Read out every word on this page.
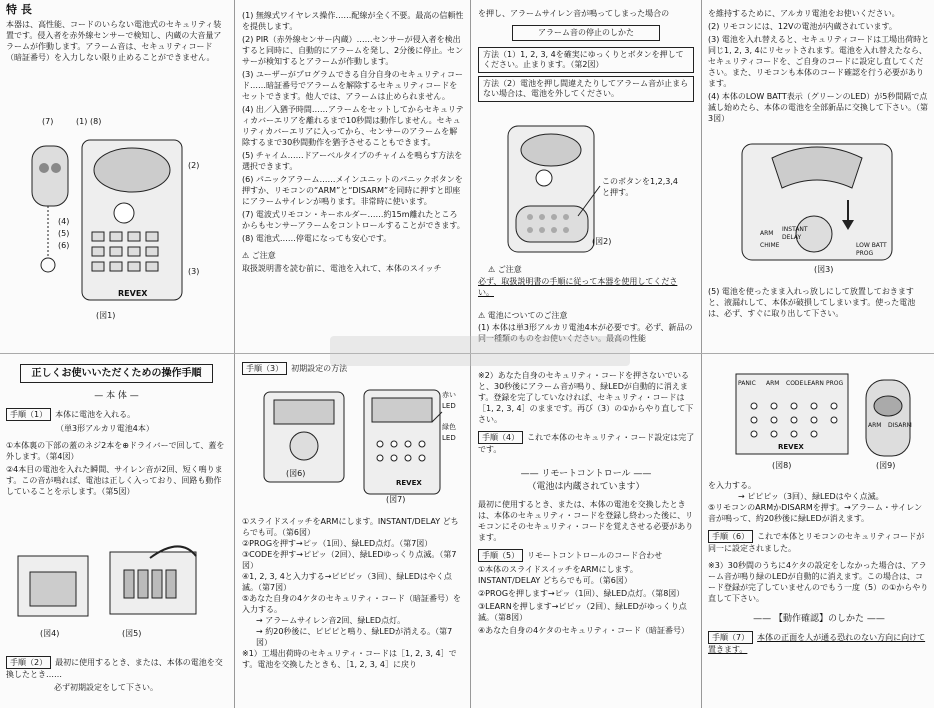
特 長
本器は、高性能、コードのいらない電池式のセキュリティ装置です。侵入者を赤外線センサーで検知し、内蔵の大音量アラームが作動します。アラーム音は、セキュリティコード（暗証番号）を入力しない限り止めることができません。
(7)	(1) (8)
(2)
(4)
(5)
(6)
(3)
REVEX
(図1)
(1) 無線式ワイヤレス操作……配線が全く不要。最高の信頼性を提供します。
(2) PIR（赤外線センサー内蔵）……センサーが侵入者を検出すると同時に、自動的にアラームを発し、2分後に停止。センサーが検知するとアラームが作動します。
(3) ユーザーがプログラムできる自分自身のセキュリティコード……暗証番号でアラームを解除するセキュリティコードをセットできます。他人では、アラームは止められません。
(4) 出／入猶予時間……アラームをセットしてからセキュリティカバーエリアを離れるまで10秒間は動作しません。セキュリティカバーエリアに入ってから、センサーのアラームを解除するまで30秒間動作を猶予させることもできます。
(5) チャイム……ドアーベルタイプのチャイムを鳴らす方法を選択できます。
(6) パニックアラーム……メインユニットのパニックボタンを押すか、リモコンの“ARM”と“DISARM”を同時に押すと即座にアラームサイレンが鳴ります。非常時に使います。
(7) 電波式リモコン・キーホルダー……約15m離れたところからもセンサーアラームをコントロールすることができます。
(8) 電池式……停電になっても安心です。
⚠ ご注意
取扱説明書を読む前に、電池を入れて、本体のスイッチ
を押し、アラームサイレン音が鳴ってしまった場合の
アラーム音の停止のしかた
方法（1）1, 2, 3, 4を確実にゆっくりとボタンを押してください。止まります。（第2図）
方法（2）電池を押し間違えたりしてアラーム音が止まらない場合は、電池を外してください。
このボタンを1,2,3,4と押す。
(図2)
⚠ ご注意
必ず、取扱説明書の手順に従って本器を使用してください。
⚠ 電池についてのご注意
(1) 本体は単3形アルカリ電池4本が必要です。必ず、新品の同一種類のものをお使いください。最高の性能
を維持するために、アルカリ電池をお使いください。
(2) リモコンには、12Vの電池が内蔵されています。
(3) 電池を入れ替えると、セキュリティコードは工場出荷時と同じ1, 2, 3, 4にリセットされます。電池を入れ替えたなら、セキュリティコードを、ご自身のコードに設定し直してください。また、リモコンも本体のコード確認を行う必要があります。
(4) 本体のLOW BATT表示（グリーンのLED）が5秒間隔で点滅し始めたら、本体の電池を全部新品に交換して下さい。（第3図）
ARM
INSTANT
DELAY
CHIME	LOW BATT
PROG
(図3)
(5) 電池を使ったまま入れっ放しにして放置しておきますと、液漏れして、本体が破損してしまいます。使った電池は、必ず、すぐに取り出して下さい。

正しくお使いいただくための操作手順
— 本 体 —
手順（1） 本体に電池を入れる。
（単3形アルカリ電池4本）
①本体裏の下部の蓋のネジ2本を⊕ドライバーで回して、蓋を外します。（第4図）
②4本目の電池を入れた瞬間、サイレン音が2回、短く鳴ります。この音が鳴れば、電池は正しく入っており、回路も動作していることを示します。（第5図）
(図4)	(図5)
手順（2） 最初に使用するとき、または、本体の電池を交換したとき……
必ず初期設定をして下さい。
手順（3） 初期設定の方法
赤い LED
緑色 LED
REVEX
(図6)
(図7)
①スライドスイッチをARMにします。INSTANT/DELAY どちらでも可。（第6図）
②PROGを押す→ピッ（1回）、緑LED点灯。（第7図）
③CODEを押す→ピピッ（2回）、緑LEDゆっくり点滅。（第7図）
④1, 2, 3, 4と入力する→ピピピッ（3回）、緑LEDはやく点滅。（第7図）
⑤あなた自身の4ケタのセキュリティ・コード（暗証番号）を入力する。
→ アラームサイレン音2回、緑LED点灯。
→ 約20秒後に、ピピピと鳴り、緑LEDが消える。（第7図）
※1）工場出荷時のセキュリティ・コードは［1, 2, 3, 4］です。電池を交換したときも、［1, 2, 3, 4］に戻り
※2）あなた自身のセキュリティ・コードを押さないでいると、30秒後にアラーム音が鳴り、緑LEDが自動的に消えます。登録を完了していなければ、セキュリティ・コードは［1, 2, 3, 4］のままです。再び（3）の①からやり直して下さい。
手順（4） これで本体のセキュリティ・コード設定は完了です。
—— リモートコントロール ——
（電池は内蔵されています）
最初に使用するとき、または、本体の電池を交換したときは、本体のセキュリティ・コードを登録し終わった後に、リモコンにそのセキュリティ・コードを覚えさせる必要があります。
手順（5） リモートコントロールのコード合わせ
①本体のスライドスイッチをARMにします。INSTANT/DELAY どちらでも可。（第6図）
②PROGを押します→ピッ（1回）、緑LED点灯。（第8図）
③LEARNを押します→ピピッ（2回）、緑LEDがゆっくり点滅。（第8図）
④あなた自身の4ケタのセキュリティ・コード（暗証番号）
PANIC ARM CODE LEARN PROG
REVEX
ARM DISARM
(図8)	(図9)
を入力する。
→ ピピピッ（3回）、緑LEDはやく点滅。
⑤リモコンのARMかDISARMを押す。→アラーム・サイレン音が鳴って、約20秒後に緑LEDが消えます。
手順（6） これで本体とリモコンのセキュリティコードが同一に設定されました。
※3）30秒間のうちに4ケタの設定をしなかった場合は、アラーム音が鳴り緑のLEDが自動的に消えます。この場合は、コード登録が完了していませんのでもう一度（5）の①からやり直して下さい。
—— 【動作確認】のしかた ——
手順（7） 本体の正面を人が通る恐れのない方向に向けて置きます。
